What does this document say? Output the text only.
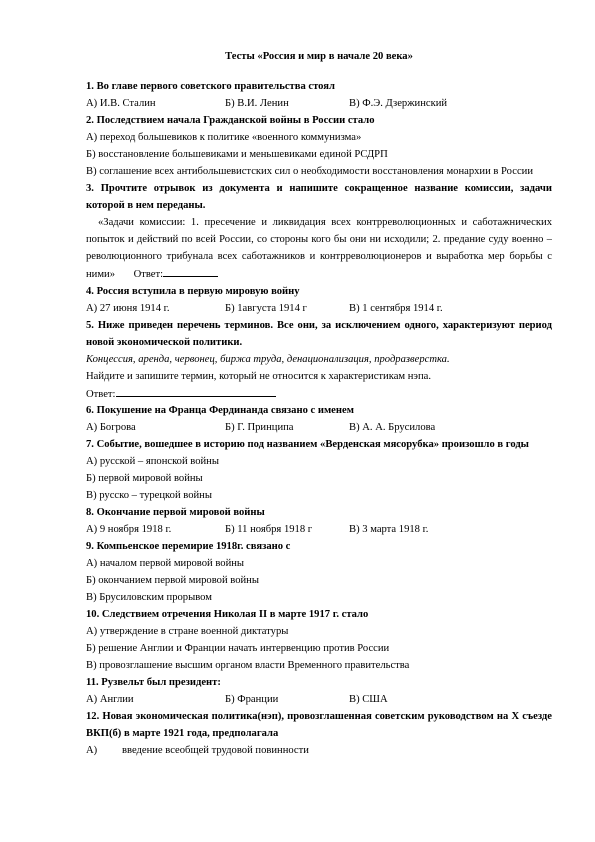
Тесты «Россия и мир в начале 20 века»
1. Во главе первого советского правительства стоял
А) И.В. Сталин	Б) В.И. Ленин	В) Ф.Э. Дзержинский
2. Последствием начала Гражданской войны в России стало
А) переход большевиков к политике «военного коммунизма»
Б) восстановление большевиками и меньшевиками единой РСДРП
В) соглашение всех антибольшевистских сил о необходимости восстановления монархии в России
3. Прочтите отрывок из документа и напишите сокращенное название комиссии, задачи которой в нем переданы.
«Задачи комиссии: 1. пресечение и ликвидация всех контрреволюционных и саботажнических попыток и действий по всей России, со стороны кого бы они ни исходили; 2. предание суду военно – революционного трибунала всех саботажников и контрреволюционеров и выработка мер борьбы с ними» Ответ:
4. Россия вступила в первую мировую войну
А) 27 июня 1914 г.	Б) 1августа 1914 г	В) 1 сентября 1914 г.
5. Ниже приведен перечень терминов. Все они, за исключением одного, характеризуют период новой экономической политики.
Концессия, аренда, червонец, биржа труда, денационализация, продразверстка.
Найдите и запишите термин, который не относится к характеристикам нэпа.
Ответ:
6. Покушение на Франца Фердинанда связано с именем
А) Богрова	Б) Г. Принципа	В) А. А. Брусилова
7. Событие, вошедшее в историю под названием «Верденская мясорубка» произошло в годы
А) русской – японской войны
Б) первой мировой войны
В) русско – турецкой войны
8. Окончание первой мировой войны
А) 9 ноября 1918 г.	Б) 11 ноября 1918 г	В) 3 марта 1918 г.
9. Компьенское перемирие 1918г. связано с
А) началом первой мировой войны
Б) окончанием первой мировой войны
В) Брусиловским прорывом
10. Следствием отречения Николая II в марте 1917 г. стало
А) утверждение в стране военной диктатуры
Б) решение Англии и Франции начать интервенцию против России
В) провозглашение высшим органом власти Временного правительства
11. Рузвельт был президент:
А) Англии	Б) Франции	В) США
12. Новая экономическая политика(нэп), провозглашенная советским руководством на X съезде ВКП(б) в марте 1921 года, предполагала
А) введение всеобщей трудовой повинности
